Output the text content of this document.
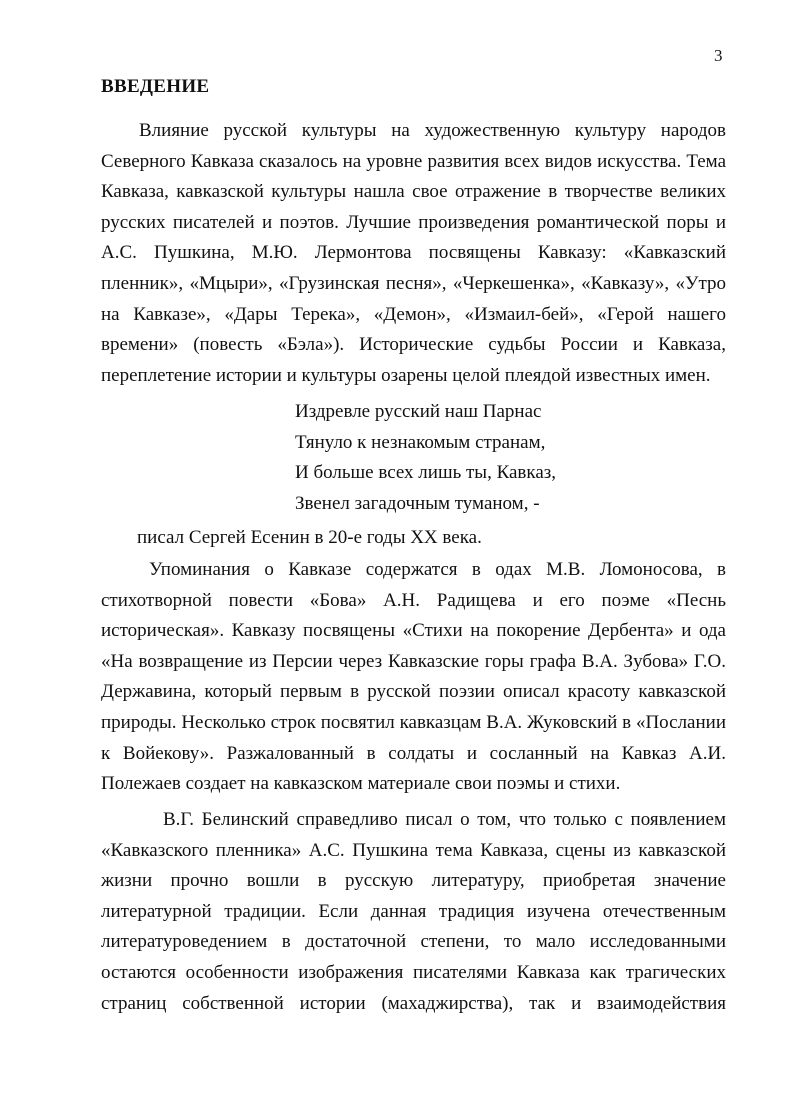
3
ВВЕДЕНИЕ
Влияние русской культуры на художественную культуру народов
Северного Кавказа сказалось на уровне развития всех видов искусства. Тема
Кавказа, кавказской культуры нашла свое отражение в творчестве великих
русских писателей и поэтов. Лучшие произведения романтической поры и
А.С. Пушкина, М.Ю. Лермонтова посвящены Кавказу: «Кавказский
пленник», «Мцыри», «Грузинская песня», «Черкешенка», «Кавказу», «Утро
на Кавказе», «Дары Терека», «Демон», «Измаил-бей», «Герой нашего
времени» (повесть «Бэла»). Исторические судьбы России и Кавказа,
переплетение истории и культуры озарены целой плеядой известных имен.
Издревле русский наш Парнас
Тянуло к незнакомым странам,
И больше всех лишь ты, Кавказ,
Звенел загадочным туманом, -
писал Сергей Есенин в 20-е годы XX века.
Упоминания о Кавказе содержатся в одах М.В. Ломоносова, в
стихотворной повести «Бова» А.Н. Радищева и его поэме «Песнь
историческая». Кавказу посвящены «Стихи на покорение Дербента» и ода
«На возвращение из Персии через Кавказские горы графа В.А. Зубова» Г.О.
Державина, который первым в русской поэзии описал красоту кавказской
природы. Несколько строк посвятил кавказцам В.А. Жуковский в «Послании
к Войекову». Разжалованный в солдаты и сосланный на Кавказ А.И.
Полежаев создает на кавказском материале свои поэмы и стихи.
В.Г. Белинский справедливо писал о том, что только с появлением
«Кавказского пленника» А.С. Пушкина тема Кавказа, сцены из кавказской
жизни прочно вошли в русскую литературу, приобретая значение
литературной традиции. Если данная традиция изучена отечественным
литературоведением в достаточной степени, то мало исследованными
остаются особенности изображения писателями Кавказа как трагических
страниц собственной истории (махаджирства), так и взаимодействия
